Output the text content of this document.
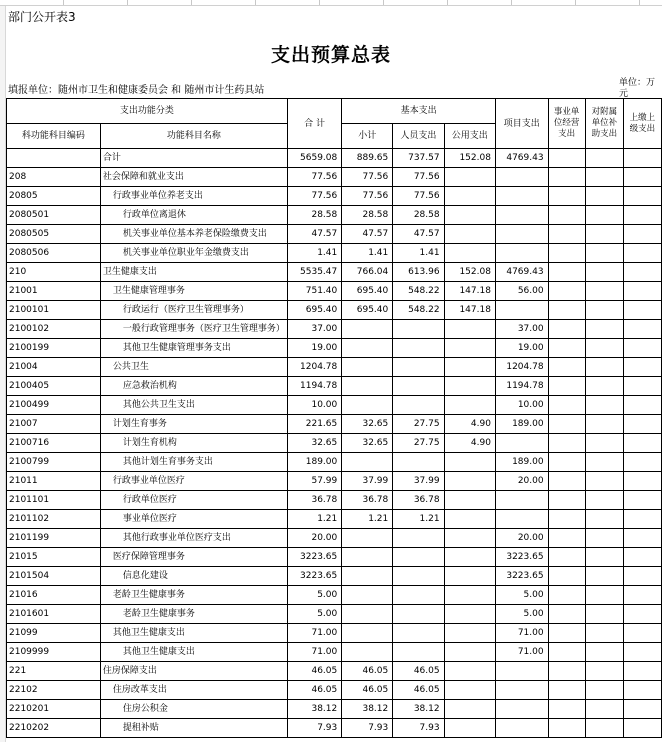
部门公开表3
支出预算总表
填报单位：随州市卫生和健康委员会 和 随州市计生药具站
单位：万元
支出功能分类		合 计	基本支出			项目支出	事业单位经营支出	对附属单位补助支出	上缴上级支出
科功能科目编码	功能科目名称		小计	人员支出	公用支出				
	合计	5659.08	889.65	737.57	152.08	4769.43			
208	社会保障和就业支出	77.56	77.56	77.56					
20805	行政事业单位养老支出	77.56	77.56	77.56					
2080501	行政单位离退休	28.58	28.58	28.58					
2080505	机关事业单位基本养老保险缴费支出	47.57	47.57	47.57					
2080506	机关事业单位职业年金缴费支出	1.41	1.41	1.41					
210	卫生健康支出	5535.47	766.04	613.96	152.08	4769.43			
21001	卫生健康管理事务	751.40	695.40	548.22	147.18	56.00			
2100101	行政运行（医疗卫生管理事务）	695.40	695.40	548.22	147.18				
2100102	一般行政管理事务（医疗卫生管理事务）	37.00				37.00			
2100199	其他卫生健康管理事务支出	19.00				19.00			
21004	公共卫生	1204.78				1204.78			
2100405	应急救治机构	1194.78				1194.78			
2100499	其他公共卫生支出	10.00				10.00			
21007	计划生育事务	221.65	32.65	27.75	4.90	189.00			
2100716	计划生育机构	32.65	32.65	27.75	4.90				
2100799	其他计划生育事务支出	189.00				189.00			
21011	行政事业单位医疗	57.99	37.99	37.99		20.00			
2101101	行政单位医疗	36.78	36.78	36.78					
2101102	事业单位医疗	1.21	1.21	1.21					
2101199	其他行政事业单位医疗支出	20.00				20.00			
21015	医疗保障管理事务	3223.65				3223.65			
2101504	信息化建设	3223.65				3223.65			
21016	老龄卫生健康事务	5.00				5.00			
2101601	老龄卫生健康事务	5.00				5.00			
21099	其他卫生健康支出	71.00				71.00			
2109999	其他卫生健康支出	71.00				71.00			
221	住房保障支出	46.05	46.05	46.05					
22102	住房改革支出	46.05	46.05	46.05					
2210201	住房公积金	38.12	38.12	38.12					
2210202	提租补贴	7.93	7.93	7.93					
